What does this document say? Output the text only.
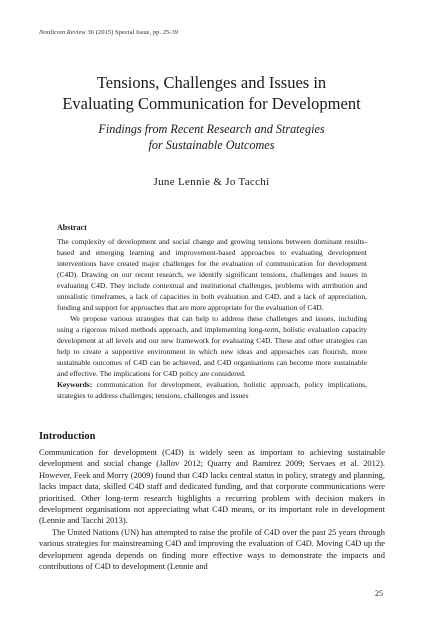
Nordicom Review 36 (2015) Special Issue, pp. 25-39
Tensions, Challenges and Issues in
Evaluating Communication for Development
Findings from Recent Research and Strategies
for Sustainable Outcomes
June Lennie & Jo Tacchi
Abstract

The complexity of development and social change and growing tensions between dominant results-based and emerging learning and improvement-based approaches to evaluating development interventions have created major challenges for the evaluation of communication for development (C4D). Drawing on our recent research, we identify significant tensions, challenges and issues in evaluating C4D. They include contextual and institutional challenges, problems with attribution and unrealistic timeframes, a lack of capacities in both evaluation and C4D, and a lack of appreciation, funding and support for approaches that are more appropriate for the evaluation of C4D.

We propose various strategies that can help to address these challenges and issues, including using a rigorous mixed methods approach, and implementing long-term, holistic evaluation capacity development at all levels and our new framework for evaluating C4D. These and other strategies can help to create a supportive environment in which new ideas and approaches can flourish, more sustainable outcomes of C4D can be achieved, and C4D organisations can become more sustainable and effective. The implications for C4D policy are considered.

Keywords: communication for development, evaluation, holistic approach, policy implications, strategies to address challenges; tensions, challenges and issues

Introduction

Communication for development (C4D) is widely seen as important to achieving sustainable development and social change (Jallov 2012; Quarry and Ramirez 2009; Servaes et al. 2012). However, Feek and Morry (2009) found that C4D lacks central status in policy, strategy and planning, lacks impact data, skilled C4D staff and dedicated funding, and that corporate communications were prioritised. Other long-term research highlights a recurring problem with decision makers in development organisations not appreciating what C4D means, or its important role in development (Lennie and Tacchi 2013).

The United Nations (UN) has attempted to raise the profile of C4D over the past 25 years through various strategies for mainstreaming C4D and improving the evaluation of C4D. Moving C4D up the development agenda depends on finding more effective ways to demonstrate the impacts and contributions of C4D to development (Lennie and

25
